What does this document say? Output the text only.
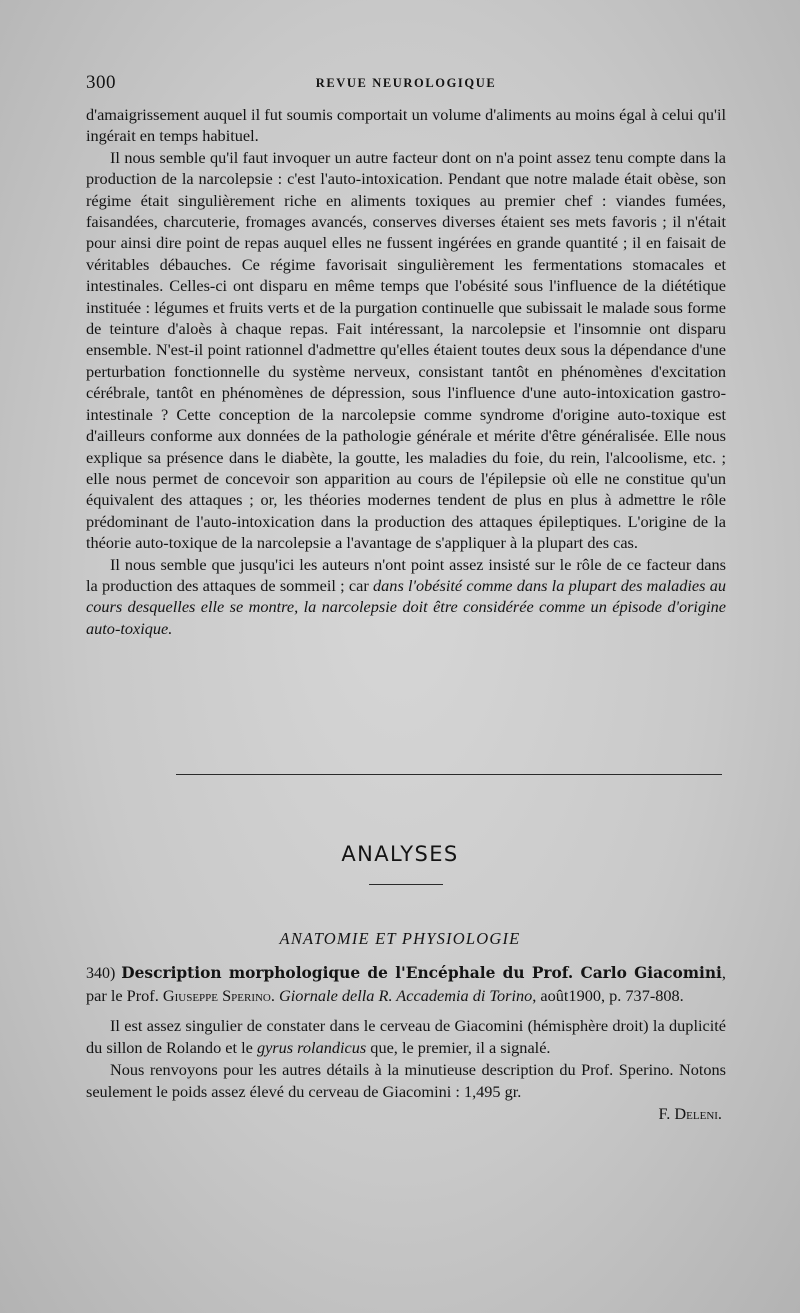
300	REVUE NEUROLOGIQUE

d'amaigrissement auquel il fut soumis comportait un volume d'aliments au moins égal à celui qu'il ingérait en temps habituel.

Il nous semble qu'il faut invoquer un autre facteur dont on n'a point assez tenu compte dans la production de la narcolepsie : c'est l'auto-intoxication. Pendant que notre malade était obèse, son régime était singulièrement riche en aliments toxiques au premier chef : viandes fumées, faisandées, charcuterie, fromages avancés, conserves diverses étaient ses mets favoris ; il n'était pour ainsi dire point de repas auquel elles ne fussent ingérées en grande quantité ; il en faisait de véritables débauches. Ce régime favorisait singulièrement les fermentations stomacales et intestinales. Celles-ci ont disparu en même temps que l'obésité sous l'influence de la diététique instituée : légumes et fruits verts et de la purgation continuelle que subissait le malade sous forme de teinture d'aloès à chaque repas. Fait intéressant, la narcolepsie et l'insomnie ont disparu ensemble. N'est-il point rationnel d'admettre qu'elles étaient toutes deux sous la dépendance d'une perturbation fonctionnelle du système nerveux, consistant tantôt en phénomènes d'excitation cérébrale, tantôt en phénomènes de dépression, sous l'influence d'une auto-intoxication gastro-intestinale ? Cette conception de la narcolepsie comme syndrome d'origine auto-toxique est d'ailleurs conforme aux données de la pathologie générale et mérite d'être généralisée. Elle nous explique sa présence dans le diabète, la goutte, les maladies du foie, du rein, l'alcoolisme, etc. ; elle nous permet de concevoir son apparition au cours de l'épilepsie où elle ne constitue qu'un équivalent des attaques ; or, les théories modernes tendent de plus en plus à admettre le rôle prédominant de l'auto-intoxication dans la production des attaques épileptiques. L'origine de la théorie auto-toxique de la narcolepsie a l'avantage de s'appliquer à la plupart des cas.

Il nous semble que jusqu'ici les auteurs n'ont point assez insisté sur le rôle de ce facteur dans la production des attaques de sommeil ; car dans l'obésité comme dans la plupart des maladies au cours desquelles elle se montre, la narcolepsie doit être considérée comme un épisode d'origine auto-toxique.

ANALYSES
ANATOMIE ET PHYSIOLOGIE

340) Description morphologique de l'Encéphale du Prof. Carlo Giacomini, par le Prof. Giuseppe Sperino. Giornale della R. Accademia di Torino, août1900, p. 737-808.

Il est assez singulier de constater dans le cerveau de Giacomini (hémisphère droit) la duplicité du sillon de Rolando et le gyrus rolandicus que, le premier, il a signalé.

Nous renvoyons pour les autres détails à la minutieuse description du Prof. Sperino. Notons seulement le poids assez élevé du cerveau de Giacomini : 1,495 gr.

F. Deleni.
